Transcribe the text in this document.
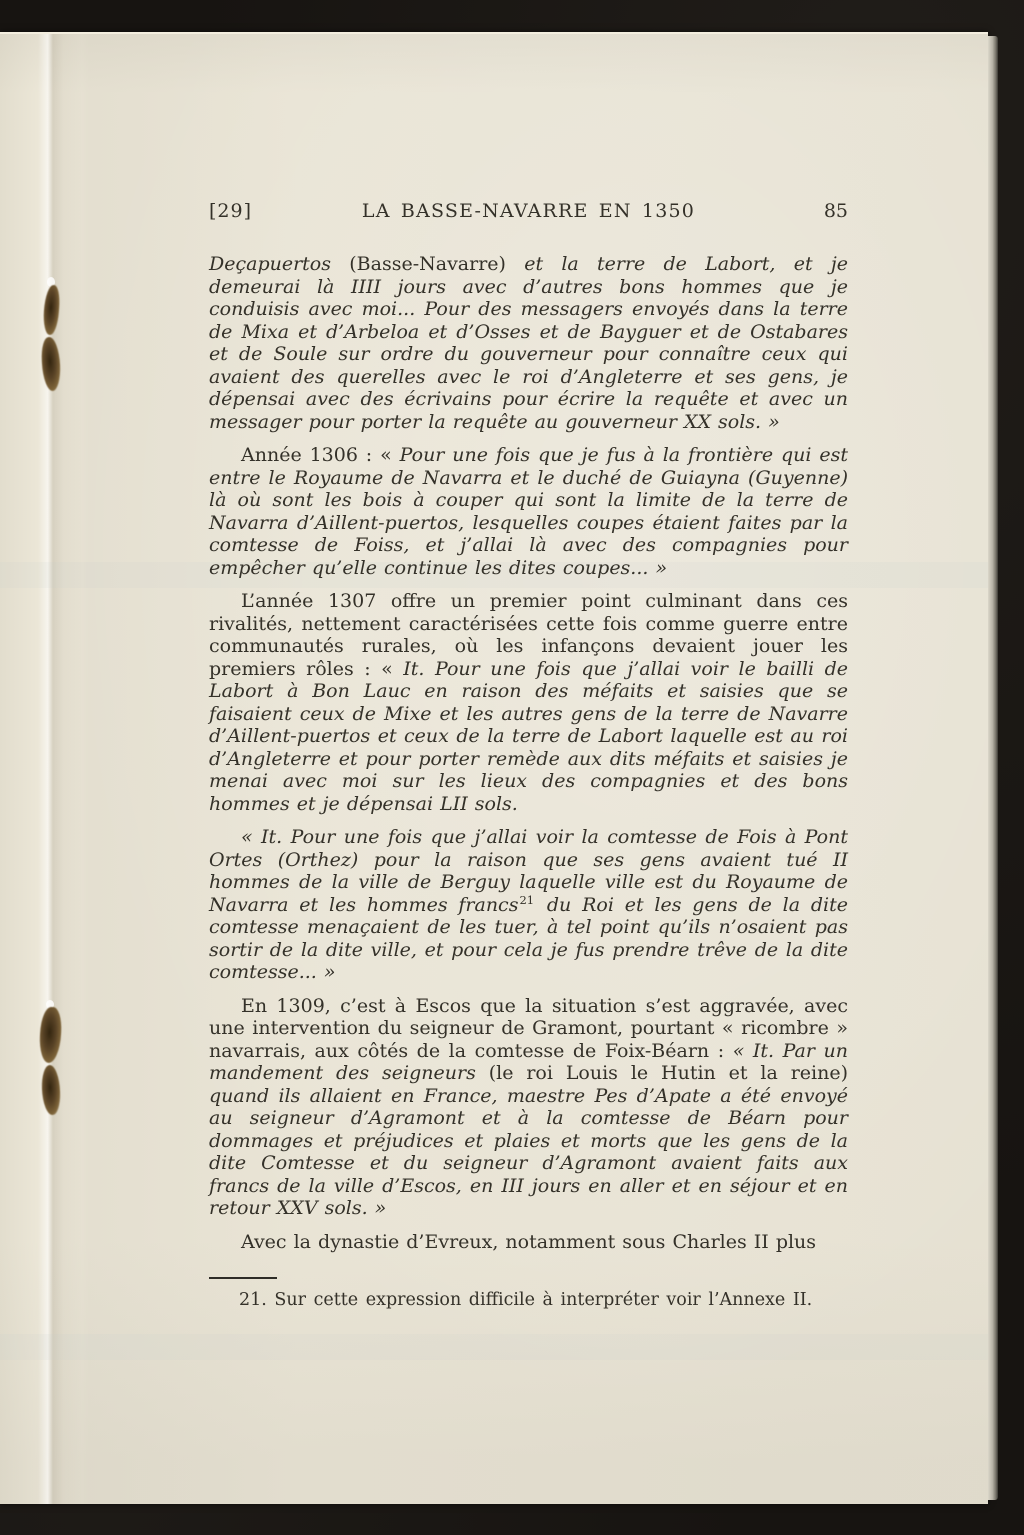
[29]	LA BASSE-NAVARRE EN 1350	85

Deçapuertos (Basse-Navarre) et la terre de Labort, et je demeurai là IIII jours avec d’autres bons hommes que je conduisis avec moi... Pour des messagers envoyés dans la terre de Mixa et d’Arbeloa et d’Osses et de Bayguer et de Ostabares et de Soule sur ordre du gouverneur pour connaître ceux qui avaient des querelles avec le roi d’Angleterre et ses gens, je dépensai avec des écrivains pour écrire la requête et avec un messager pour porter la requête au gouverneur XX sols. »

Année 1306 : « Pour une fois que je fus à la frontière qui est entre le Royaume de Navarra et le duché de Guiayna (Guyenne) là où sont les bois à couper qui sont la limite de la terre de Navarra d’Aillent-puertos, lesquelles coupes étaient faites par la comtesse de Foiss, et j’allai là avec des compagnies pour empêcher qu’elle continue les dites coupes... »

L’année 1307 offre un premier point culminant dans ces rivalités, nettement caractérisées cette fois comme guerre entre communautés rurales, où les infançons devaient jouer les premiers rôles : « It. Pour une fois que j’allai voir le bailli de Labort à Bon Lauc en raison des méfaits et saisies que se faisaient ceux de Mixe et les autres gens de la terre de Navarre d’Aillent-puertos et ceux de la terre de Labort laquelle est au roi d’Angleterre et pour porter remède aux dits méfaits et saisies je menai avec moi sur les lieux des compagnies et des bons hommes et je dépensai LII sols.

« It. Pour une fois que j’allai voir la comtesse de Fois à Pont Ortes (Orthez) pour la raison que ses gens avaient tué II hommes de la ville de Berguy laquelle ville est du Royaume de Navarra et les hommes francs$^{21}$ du Roi et les gens de la dite comtesse menaçaient de les tuer, à tel point qu’ils n’osaient pas sortir de la dite ville, et pour cela je fus prendre trêve de la dite comtesse... »

En 1309, c’est à Escos que la situation s’est aggravée, avec une intervention du seigneur de Gramont, pourtant « ricombre » navarrais, aux côtés de la comtesse de Foix-Béarn : « It. Par un mandement des seigneurs (le roi Louis le Hutin et la reine) quand ils allaient en France, maestre Pes d’Apate a été envoyé au seigneur d’Agramont et à la comtesse de Béarn pour dommages et préjudices et plaies et morts que les gens de la dite Comtesse et du seigneur d’Agramont avaient faits aux francs de la ville d’Escos, en III jours en aller et en séjour et en retour XXV sols. »

Avec la dynastie d’Evreux, notamment sous Charles II plus

21. Sur cette expression difficile à interpréter voir l’Annexe II.
